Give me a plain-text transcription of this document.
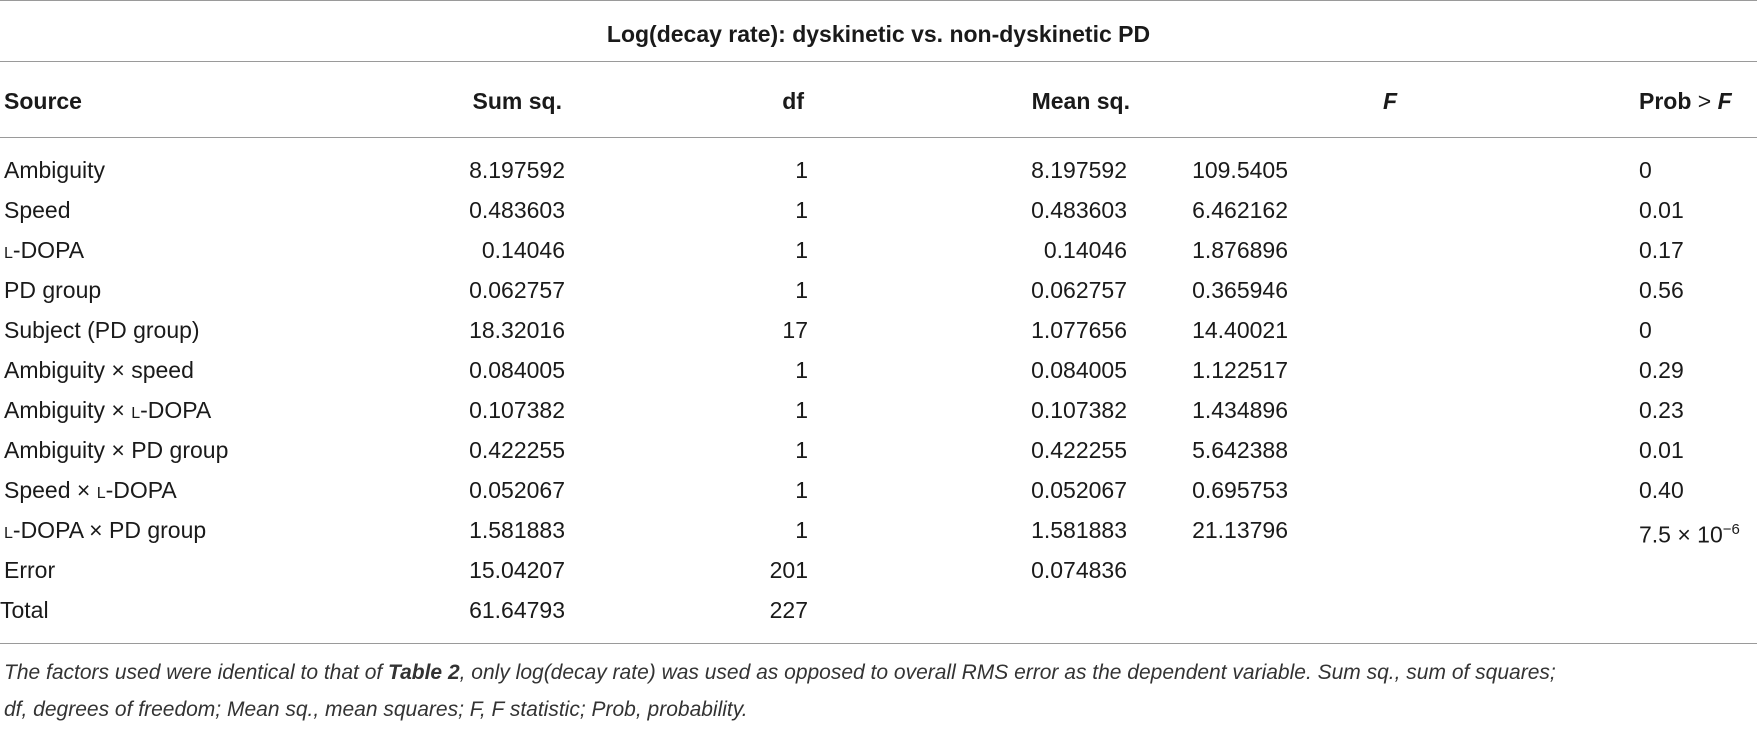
Log(decay rate): dyskinetic vs. non-dyskinetic PD
Source	Sum sq.	df	Mean sq.	F	Prob > F
Ambiguity	8.197592	1	8.197592	109.5405	0
Speed	0.483603	1	0.483603	6.462162	0.01
L-DOPA	0.14046	1	0.14046	1.876896	0.17
PD group	0.062757	1	0.062757	0.365946	0.56
Subject (PD group)	18.32016	17	1.077656	14.40021	0
Ambiguity × speed	0.084005	1	0.084005	1.122517	0.29
Ambiguity × L-DOPA	0.107382	1	0.107382	1.434896	0.23
Ambiguity × PD group	0.422255	1	0.422255	5.642388	0.01
Speed × L-DOPA	0.052067	1	0.052067	0.695753	0.40
L-DOPA × PD group	1.581883	1	1.581883	21.13796	$7.5 \times 10^{-6}$
Error	15.04207	201	0.074836
Total	61.64793	227
The factors used were identical to that of Table 2, only log(decay rate) was used as opposed to overall RMS error as the dependent variable. Sum sq., sum of squares;
df, degrees of freedom; Mean sq., mean squares; F, F statistic; Prob, probability.
